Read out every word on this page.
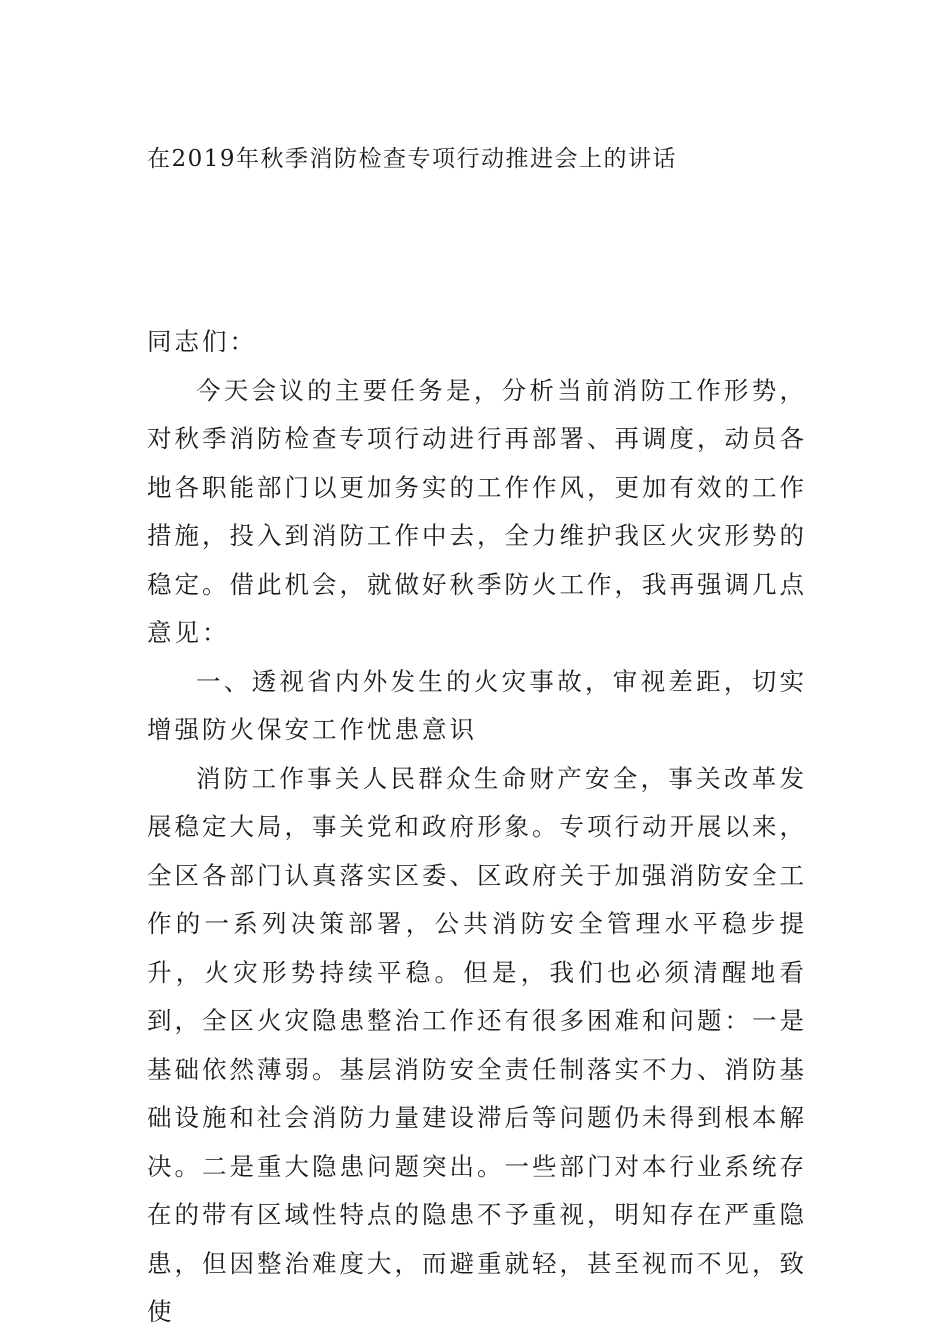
在2019年秋季消防检查专项行动推进会上的讲话

同志们：

今天会议的主要任务是，分析当前消防工作形势，对秋季消防检查专项行动进行再部署、再调度，动员各地各职能部门以更加务实的工作作风，更加有效的工作措施，投入到消防工作中去，全力维护我区火灾形势的稳定。借此机会，就做好秋季防火工作，我再强调几点意见：

一、透视省内外发生的火灾事故，审视差距，切实增强防火保安工作忧患意识

消防工作事关人民群众生命财产安全，事关改革发展稳定大局，事关党和政府形象。专项行动开展以来，全区各部门认真落实区委、区政府关于加强消防安全工作的一系列决策部署，公共消防安全管理水平稳步提升，火灾形势持续平稳。但是，我们也必须清醒地看到，全区火灾隐患整治工作还有很多困难和问题：一是基础依然薄弱。基层消防安全责任制落实不力、消防基础设施和社会消防力量建设滞后等问题仍未得到根本解决。二是重大隐患问题突出。一些部门对本行业系统存在的带有区域性特点的隐患不予重视，明知存在严重隐患，但因整治难度大，而避重就轻，甚至视而不见，致使
